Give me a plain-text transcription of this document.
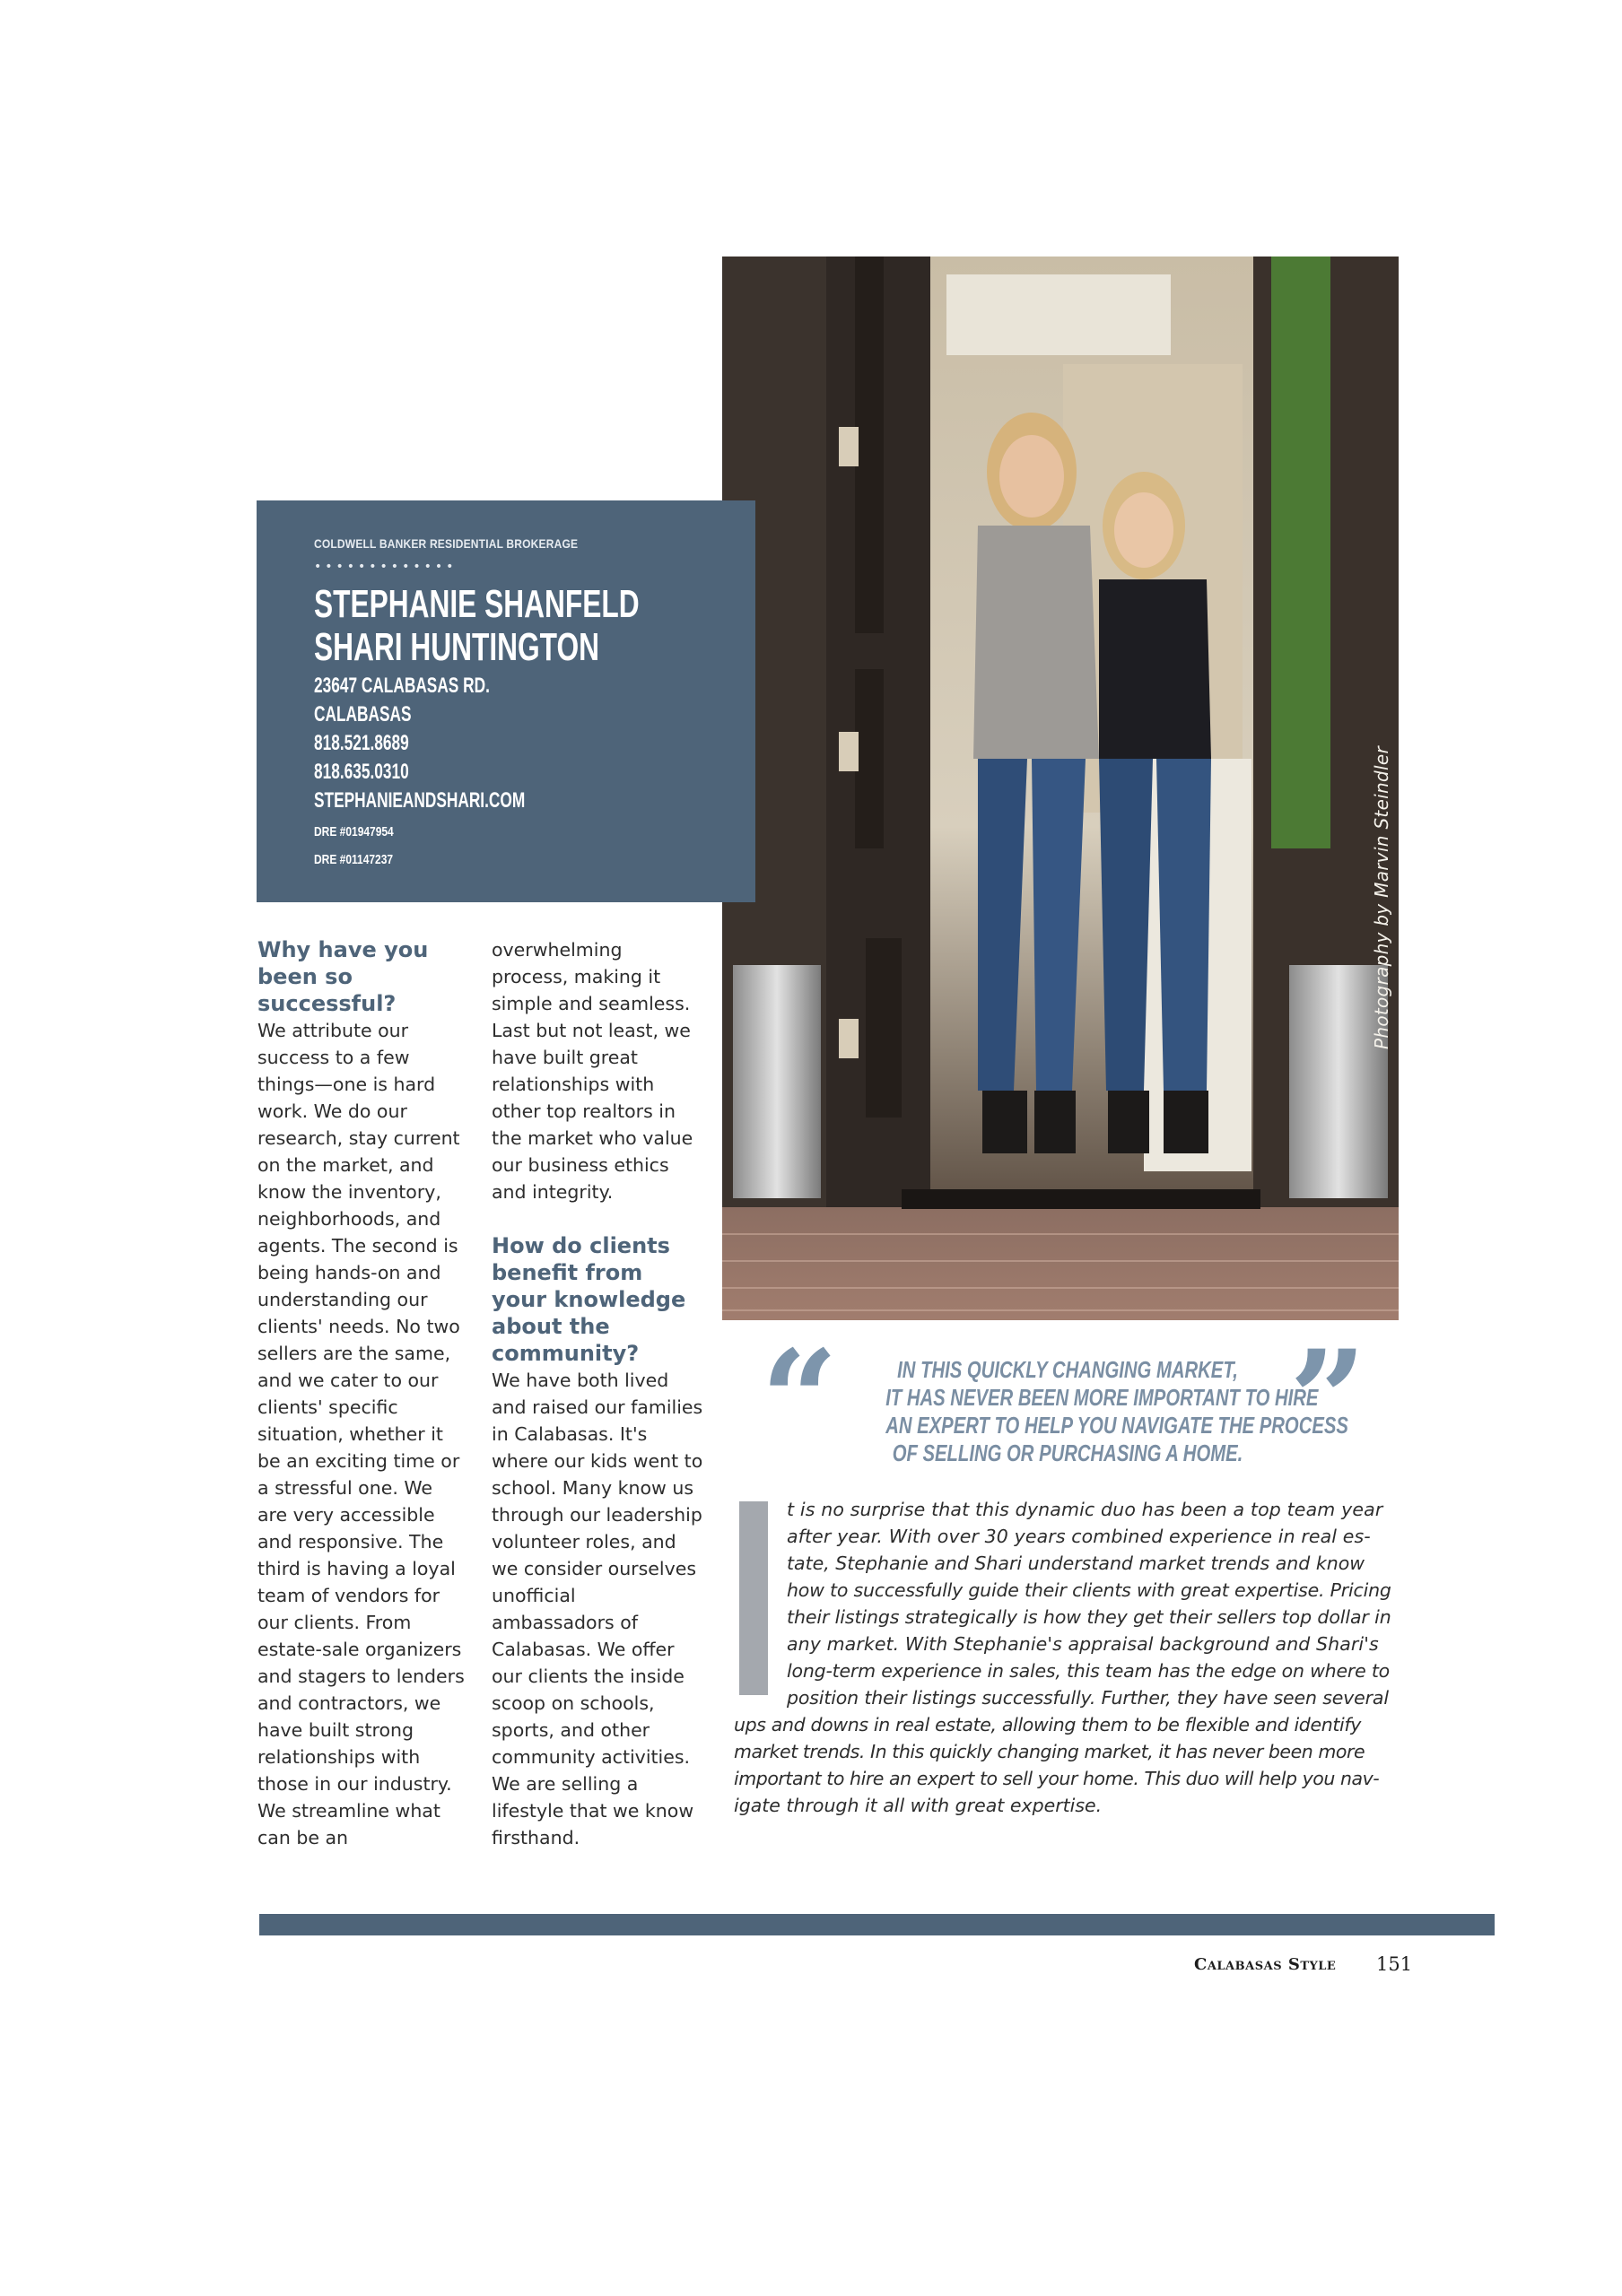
Photography by Marvin Steindler
COLDWELL BANKER RESIDENTIAL BROKERAGE
•••••••••••••
STEPHANIE SHANFELD
SHARI HUNTINGTON
23647 CALABASAS RD.
CALABASAS
818.521.8689
818.635.0310
STEPHANIEANDSHARI.COM
DRE #01947954
DRE #01147237

Why have you been so successful?

We attribute our success to a few things—one is hard work. We do our research, stay current on the market, and know the inventory, neighborhoods, and agents. The second is being hands-on and understanding our clients' needs. No two sellers are the same, and we cater to our clients' specific situation, whether it be an exciting time or a stressful one. We are very accessible and responsive. The third is having a loyal team of vendors for our clients. From estate-sale organizers and stagers to lenders and contractors, we have built strong relationships with those in our industry. We streamline what can be an

overwhelming process, making it simple and seamless. Last but not least, we have built great relationships with other top realtors in the market who value our business ethics and integrity.

How do clients benefit from your knowledge about the community?

We have both lived and raised our families in Calabasas. It's where our kids went to school. Many know us through our leadership volunteer roles, and we consider ourselves unofficial ambassadors of Calabasas. We offer our clients the inside scoop on schools, sports, and other community activities. We are selling a lifestyle that we know firsthand.

“	IN THIS QUICKLY CHANGING MARKET,
IT HAS NEVER BEEN MORE IMPORTANT TO HIRE
AN EXPERT TO HELP YOU NAVIGATE THE PROCESS
OF SELLING OR PURCHASING A HOME. ”
t is no surprise that this dynamic duo has been a top team year
after year. With over 30 years combined experience in real es-
tate, Stephanie and Shari understand market trends and know
how to successfully guide their clients with great expertise. Pricing
their listings strategically is how they get their sellers top dollar in
any market. With Stephanie's appraisal background and Shari's
long-term experience in sales, this team has the edge on where to
position their listings successfully. Further, they have seen several
ups and downs in real estate, allowing them to be flexible and identify
market trends. In this quickly changing market, it has never been more
important to hire an expert to sell your home. This duo will help you nav-
igate through it all with great expertise.
Calabasas Style 151
